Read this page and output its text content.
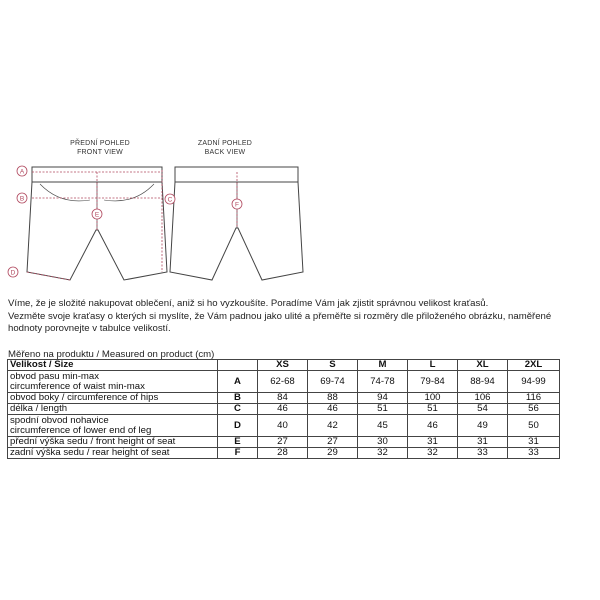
PŘEDNÍ POHLED
FRONT VIEW
ZADNÍ POHLED
BACK VIEW
A
B	C
D
E
F

Víme, že je složité nakupovat oblečení, aniž si ho vyzkoušíte. Poradíme Vám jak zjistit správnou velikost kraťasů.

Vezměte svoje kraťasy o kterých si myslíte, že Vám padnou jako ulité a přeměřte si rozměry dle přiloženého obrázku, naměřené

hodnoty porovnejte v tabulce velikostí.

Měřeno na produktu / Measured on product (cm)
Velikost / Size		XS	S	M	L	XL	2XL

obvod pasu min-max
circumference of waist min-max	A	62-68	69-74	74-78	79-84	88-94	94-99
obvod boky / circumference of hips	B	84	88	94	100	106	116
délka / length	C	46	46	51	51	54	56

spodní obvod nohavice
circumference of lower end of leg	D	40	42	45	46	49	50
přední výška sedu / front height of seat	E	27	27	30	31	31	31
zadní výška sedu / rear height of seat	F	28	29	32	32	33	33
